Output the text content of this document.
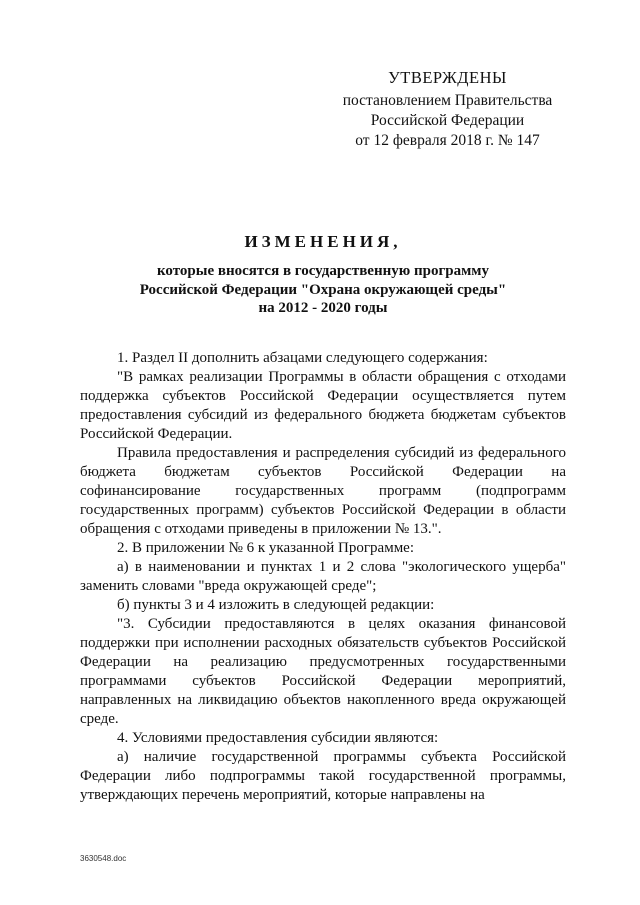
УТВЕРЖДЕНЫ
постановлением Правительства
Российской Федерации
от 12 февраля 2018 г. № 147
ИЗМЕНЕНИЯ,
которые вносятся в государственную программу
Российской Федерации "Охрана окружающей среды"
на 2012 - 2020 годы

1. Раздел II дополнить абзацами следующего содержания:

"В рамках реализации Программы в области обращения с отходами поддержка субъектов Российской Федерации осуществляется путем предоставления субсидий из федерального бюджета бюджетам субъектов Российской Федерации.

Правила предоставления и распределения субсидий из федерального бюджета бюджетам субъектов Российской Федерации на софинансирование государственных программ (подпрограмм государственных программ) субъектов Российской Федерации в области обращения с отходами приведены в приложении № 13.".

2. В приложении № 6 к указанной Программе:

а) в наименовании и пунктах 1 и 2 слова "экологического ущерба" заменить словами "вреда окружающей среде";

б) пункты 3 и 4 изложить в следующей редакции:

"3. Субсидии предоставляются в целях оказания финансовой поддержки при исполнении расходных обязательств субъектов Российской Федерации на реализацию предусмотренных государственными программами субъектов Российской Федерации мероприятий, направленных на ликвидацию объектов накопленного вреда окружающей среде.

4. Условиями предоставления субсидии являются:

а) наличие государственной программы субъекта Российской Федерации либо подпрограммы такой государственной программы, утверждающих перечень мероприятий, которые направлены на

3630548.doc
